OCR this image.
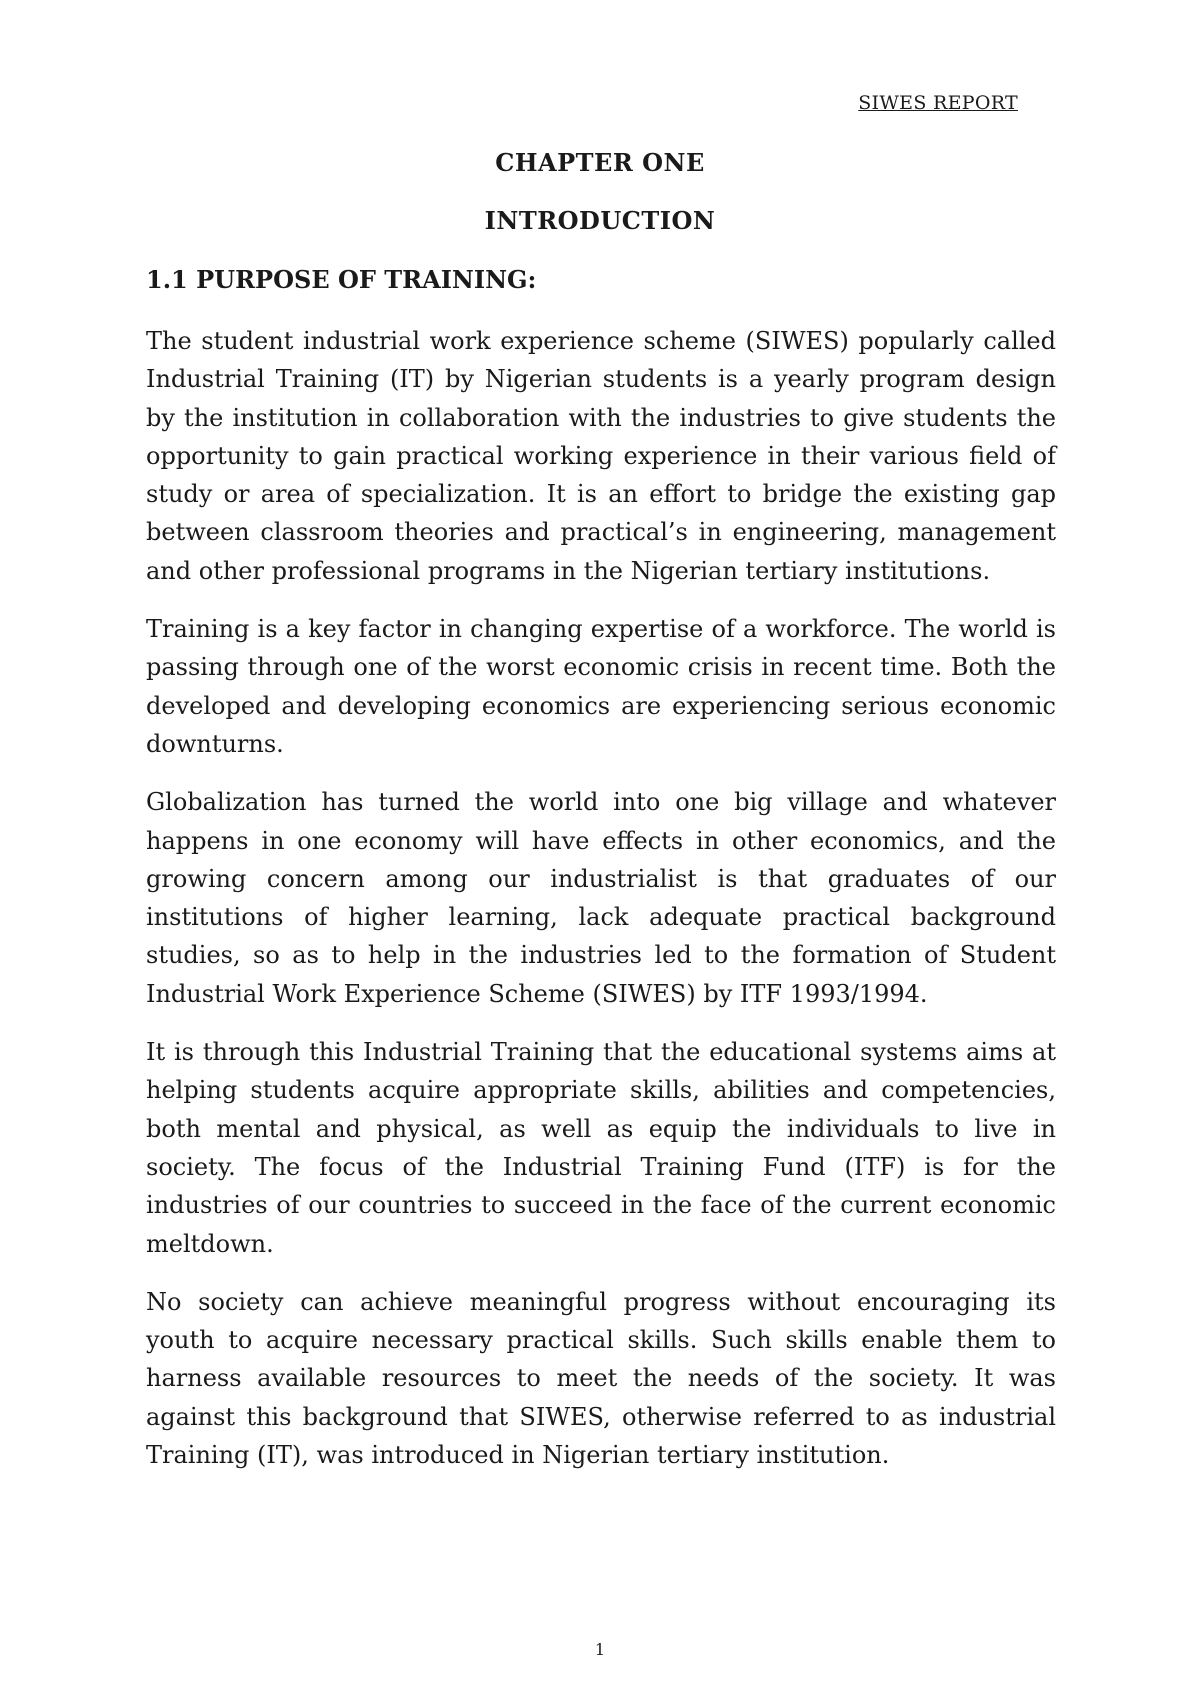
SIWES REPORT
CHAPTER ONE
INTRODUCTION
1.1 PURPOSE OF TRAINING:

The student industrial work experience scheme (SIWES) popularly called Industrial Training (IT) by Nigerian students is a yearly program design by the institution in collaboration with the industries to give students the opportunity to gain practical working experience in their various field of study or area of specialization. It is an effort to bridge the existing gap between classroom theories and practical’s in engineering, management and other professional programs in the Nigerian tertiary institutions.

Training is a key factor in changing expertise of a workforce. The world is passing through one of the worst economic crisis in recent time. Both the developed and developing economics are experiencing serious economic downturns.

Globalization has turned the world into one big village and whatever happens in one economy will have effects in other economics, and the growing concern among our industrialist is that graduates of our institutions of higher learning, lack adequate practical background studies, so as to help in the industries led to the formation of Student Industrial Work Experience Scheme (SIWES) by ITF 1993/1994.

It is through this Industrial Training that the educational systems aims at helping students acquire appropriate skills, abilities and competencies, both mental and physical, as well as equip the individuals to live in society. The focus of the Industrial Training Fund (ITF) is for the industries of our countries to succeed in the face of the current economic meltdown.

No society can achieve meaningful progress without encouraging its youth to acquire necessary practical skills. Such skills enable them to harness available resources to meet the needs of the society. It was against this background that SIWES, otherwise referred to as industrial Training (IT), was introduced in Nigerian tertiary institution.

1
